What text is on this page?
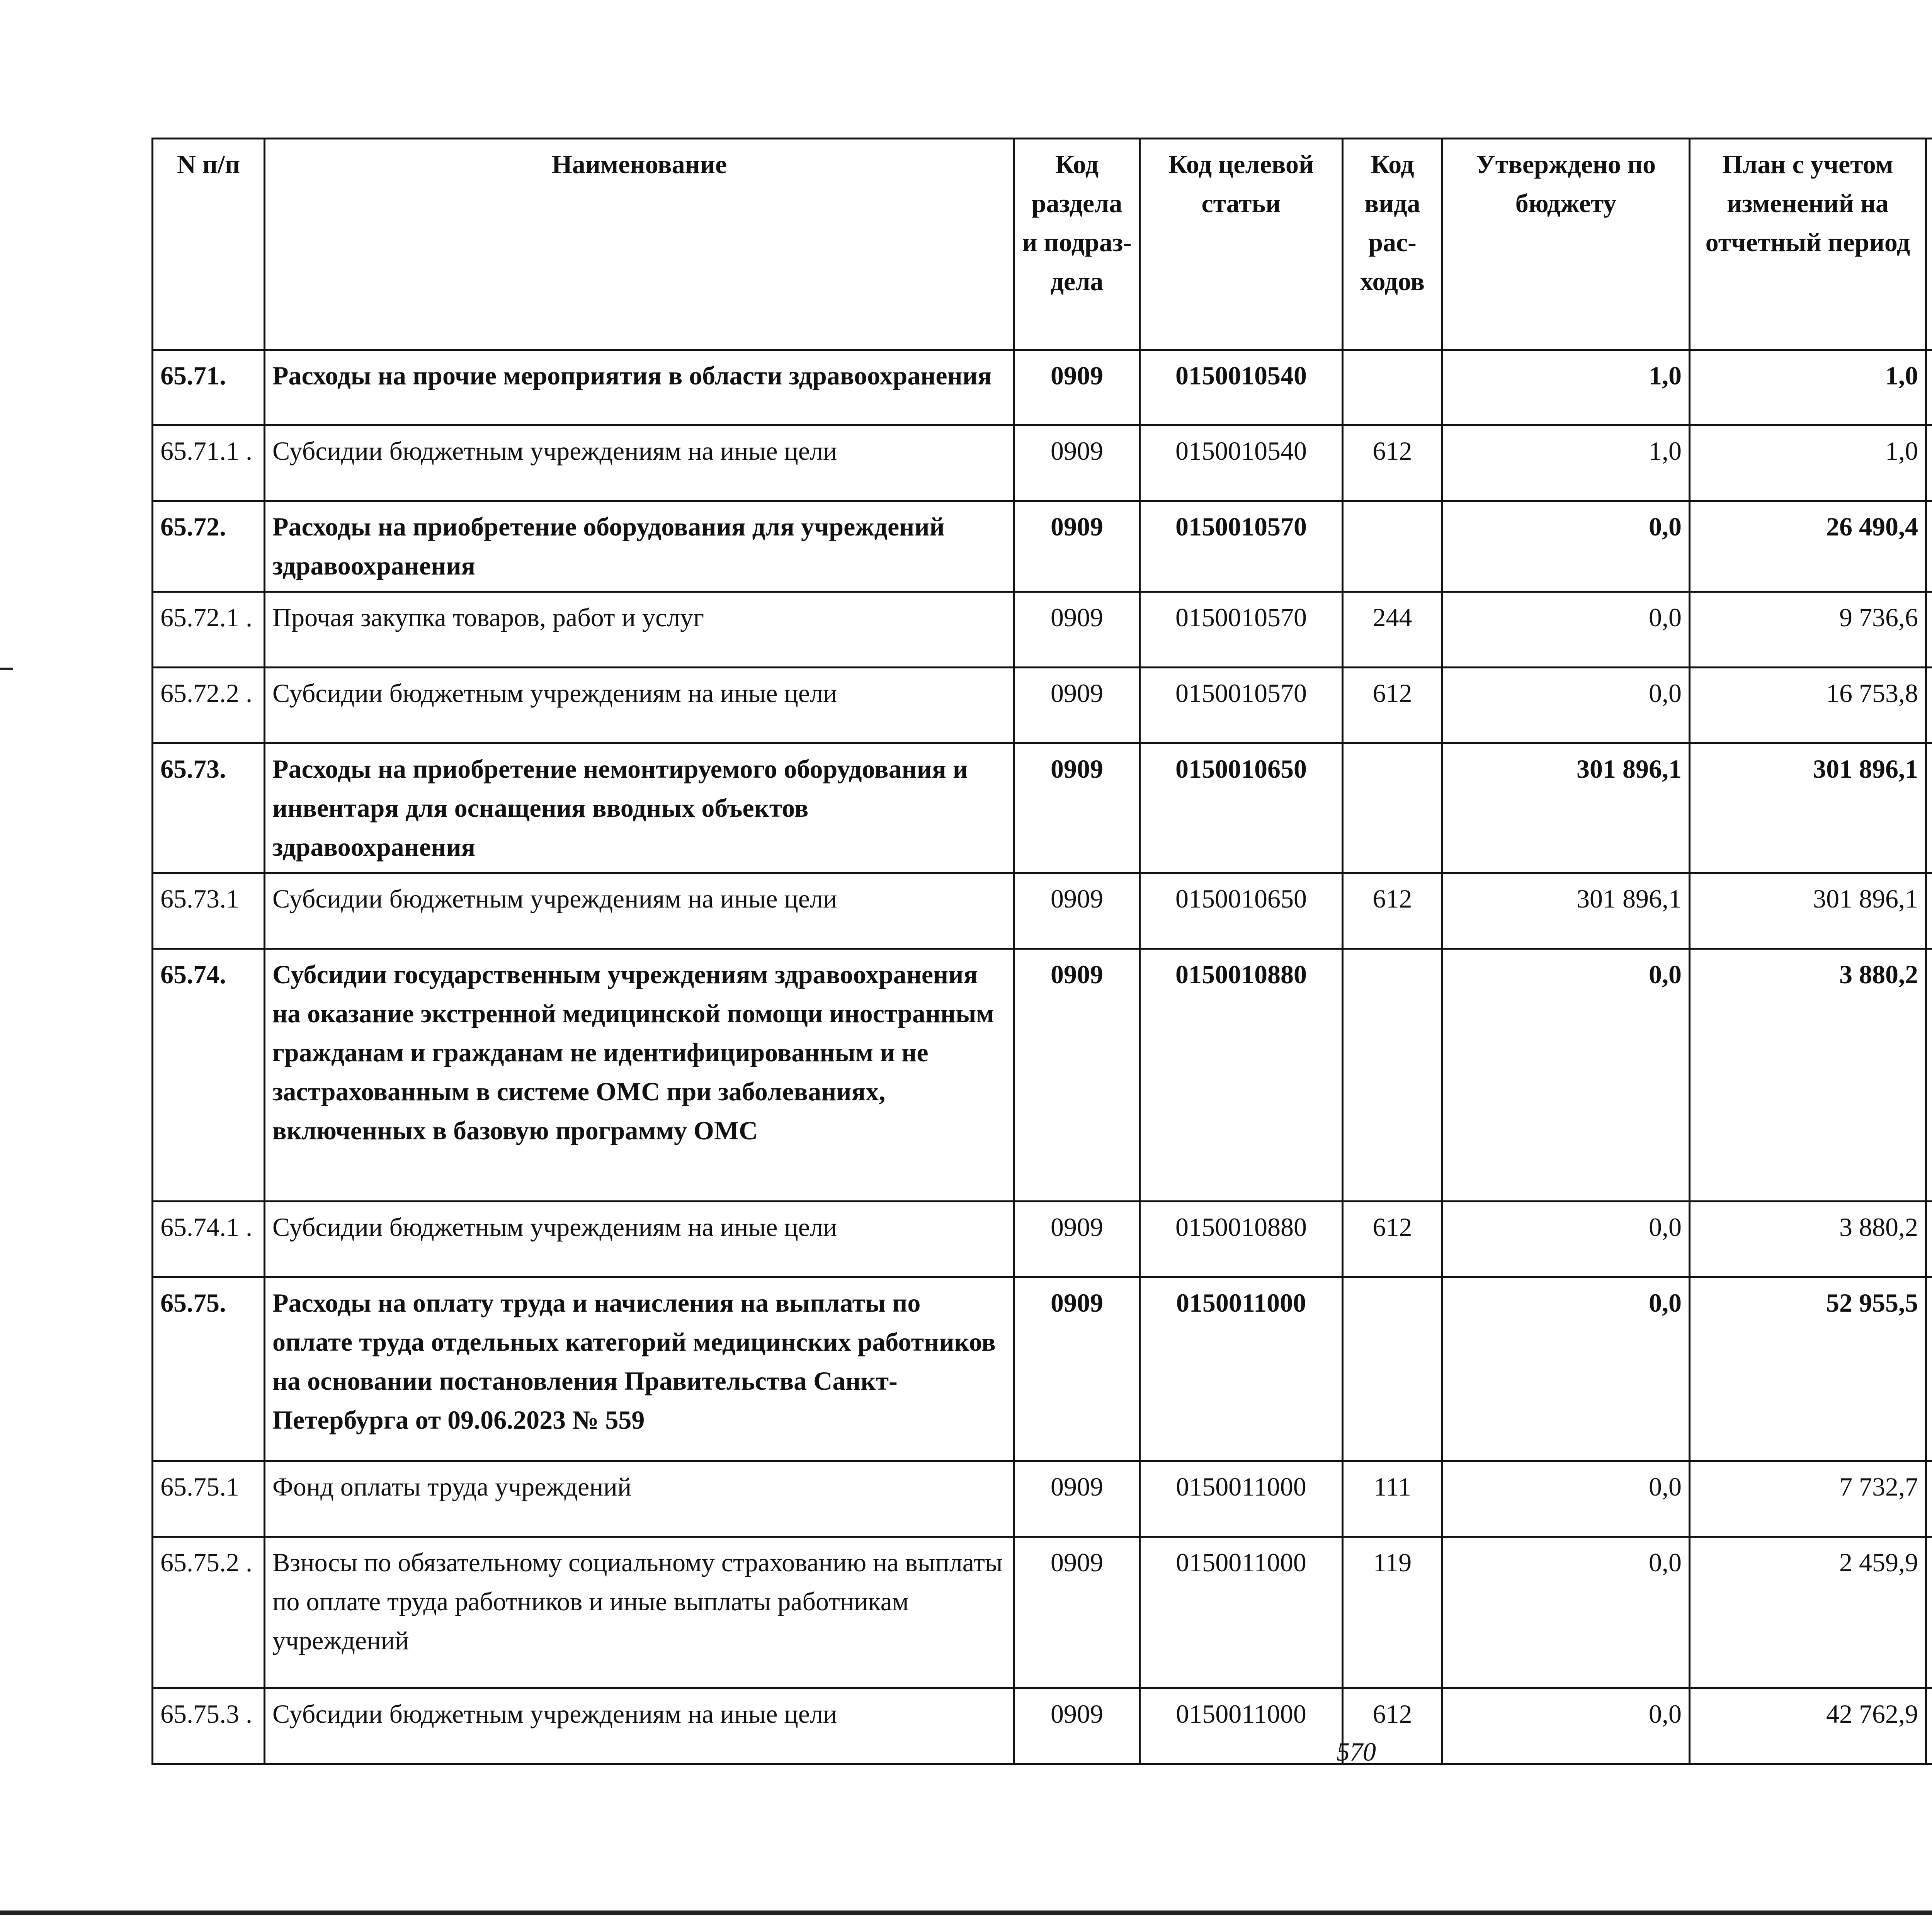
N п/п	Наименование	Код раздела и подраз- дела	Код целевой статьи	Код вида рас- ходов	Утверждено по бюджету	План с учетом изменений на отчетный период		

65.71.	Расходы на прочие мероприятия в области здравоохранения	0909	0150010540		1,0	1,0			
65.71.1 .	Субсидии бюджетным учреждениям на иные цели	0909	0150010540	612	1,0	1,0			
65.72.	Расходы на приобретение оборудования для учреждений здравоохранения	0909	0150010570		0,0	26 490,4			
65.72.1 .	Прочая закупка товаров, работ и услуг	0909	0150010570	244	0,0	9 736,6			
65.72.2 .	Субсидии бюджетным учреждениям на иные цели	0909	0150010570	612	0,0	16 753,8			
65.73.	Расходы на приобретение немонтируемого оборудования и инвентаря для оснащения вводных объектов здравоохранения	0909	0150010650		301 896,1	301 896,1			
65.73.1	Субсидии бюджетным учреждениям на иные цели	0909	0150010650	612	301 896,1	301 896,1			
65.74.	Субсидии государственным учреждениям здравоохранения на оказание экстренной медицинской помощи иностранным гражданам и гражданам не идентифицированным и не застрахованным в системе ОМС при заболеваниях, включенных в базовую программу ОМС	0909	0150010880		0,0	3 880,2			
65.74.1 .	Субсидии бюджетным учреждениям на иные цели	0909	0150010880	612	0,0	3 880,2			
65.75.	Расходы на оплату труда и начисления на выплаты по оплате труда отдельных категорий медицинских работников на основании постановления Правительства Санкт-Петербурга от 09.06.2023 № 559	0909	0150011000		0,0	52 955,5			
65.75.1	Фонд оплаты труда учреждений	0909	0150011000	111	0,0	7 732,7			
65.75.2 .	Взносы по обязательному социальному страхованию на выплаты по оплате труда работников и иные выплаты работникам учреждений	0909	0150011000	119	0,0	2 459,9			
65.75.3 .	Субсидии бюджетным учреждениям на иные цели	0909	0150011000	612	0,0	42 762,9			
570
